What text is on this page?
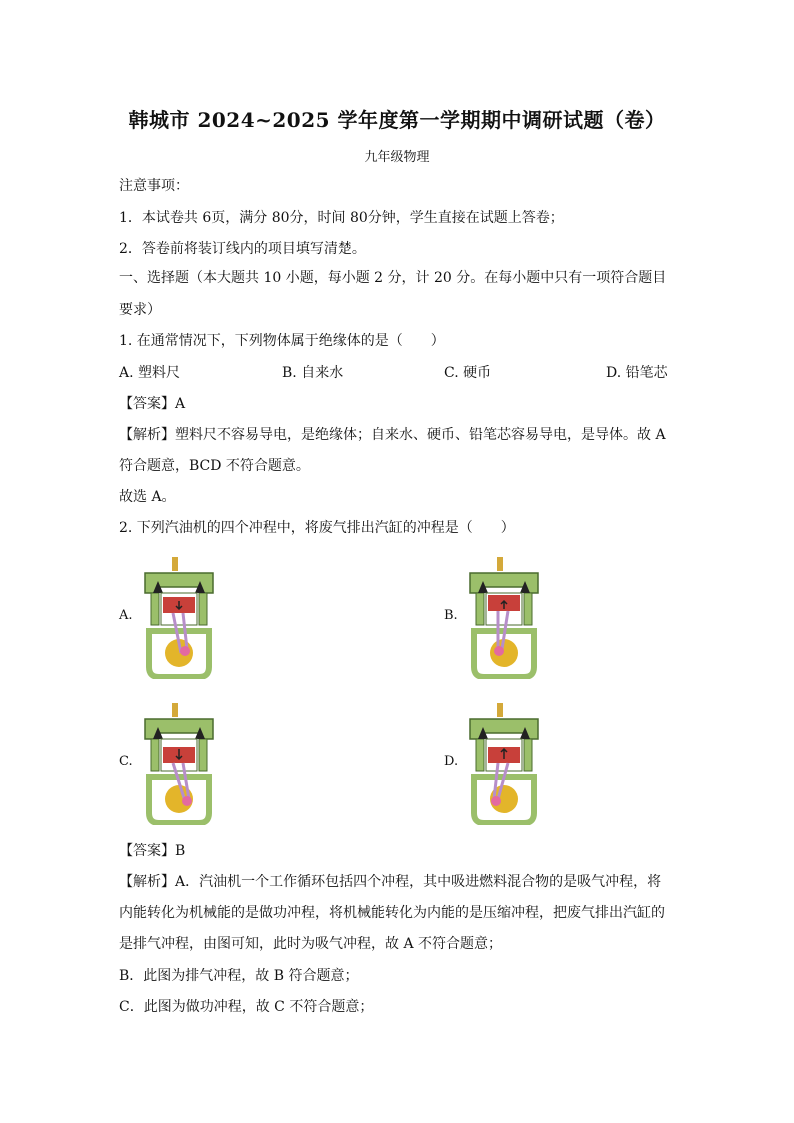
韩城市 2024~2025 学年度第一学期期中调研试题（卷）
九年级物理
注意事项：
1．本试卷共 6页，满分 80分，时间 80分钟，学生直接在试题上答卷；
2．答卷前将装订线内的项目填写清楚。
一、选择题（本大题共 10 小题，每小题 2 分，计 20 分。在每小题中只有一项符合题目
要求）
1. 在通常情况下，下列物体属于绝缘体的是（　　）
A. 塑料尺	B. 自来水	C. 硬币	D. 铅笔芯
【答案】A
【解析】塑料尺不容易导电，是绝缘体；自来水、硬币、铅笔芯容易导电，是导体。故 A
符合题意，BCD 不符合题意。
故选 A。
2. 下列汽油机的四个冲程中，将废气排出汽缸的冲程是（　　）
A.	B.
C.	D.
【答案】B
【解析】A．汽油机一个工作循环包括四个冲程，其中吸进燃料混合物的是吸气冲程，将
内能转化为机械能的是做功冲程，将机械能转化为内能的是压缩冲程，把废气排出汽缸的
是排气冲程，由图可知，此时为吸气冲程，故 A 不符合题意；
B．此图为排气冲程，故 B 符合题意；
C．此图为做功冲程，故 C 不符合题意；
